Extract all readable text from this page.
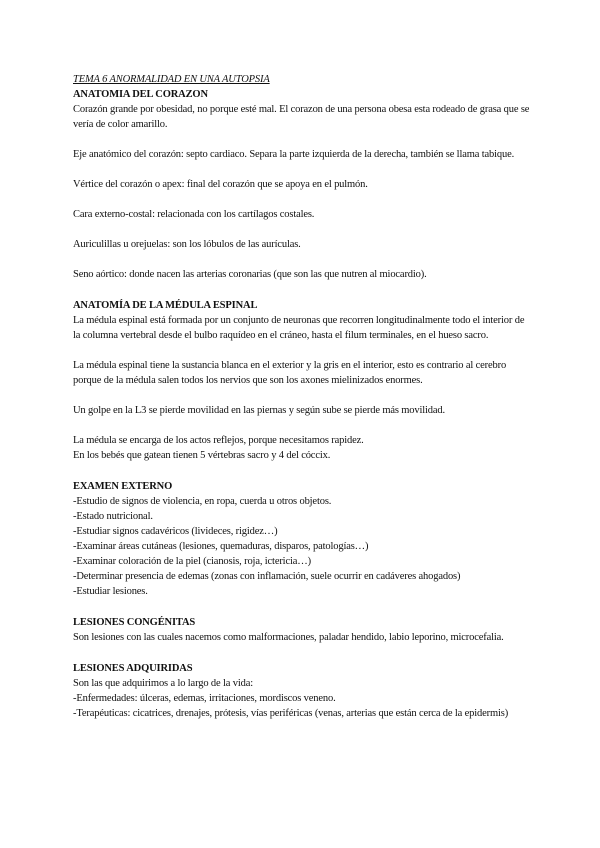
TEMA 6 ANORMALIDAD EN UNA AUTOPSIA

ANATOMIA DEL CORAZON

Corazón grande por obesidad, no porque esté mal. El corazon de una persona obesa esta rodeado de grasa que se vería de color amarillo.

Eje anatómico del corazón: septo cardiaco. Separa la parte izquierda de la derecha, también se llama tabique.

Vértice del corazón o apex: final del corazón que se apoya en el pulmón.

Cara externo-costal: relacionada con los cartílagos costales.

Auriculillas u orejuelas: son los lóbulos de las aurículas.

Seno aórtico: donde nacen las arterias coronarias (que son las que nutren al miocardio).

ANATOMÍA DE LA MÉDULA ESPINAL

La médula espinal está formada por un conjunto de neuronas que recorren longitudinalmente todo el interior de la columna vertebral desde el bulbo raquídeo en el cráneo, hasta el filum terminales, en el hueso sacro.

La médula espinal tiene la sustancia blanca en el exterior y la gris en el interior, esto es contrario al cerebro porque de la médula salen todos los nervios que son los axones mielinizados enormes.

Un golpe en la L3 se pierde movilidad en las piernas y según sube se pierde más movilidad.

La médula se encarga de los actos reflejos, porque necesitamos rapidez.

En los bebés que gatean tienen 5 vértebras sacro y 4 del cóccix.

EXAMEN EXTERNO
-Estudio de signos de violencia, en ropa, cuerda u otros objetos.
-Estado nutricional.
-Estudiar signos cadavéricos (livideces, rigidez…)
-Examinar áreas cutáneas (lesiones, quemaduras, disparos, patologías…)
-Examinar coloración de la piel (cianosis, roja, ictericia…)
-Determinar presencia de edemas (zonas con inflamación, suele ocurrir en cadáveres ahogados)
-Estudiar lesiones.
LESIONES CONGÉNITAS

Son lesiones con las cuales nacemos como malformaciones, paladar hendido, labio leporino, microcefalia.

LESIONES ADQUIRIDAS

Son las que adquirimos a lo largo de la vida:

-Enfermedades: úlceras, edemas, irritaciones, mordiscos veneno.
-Terapéuticas: cicatrices, drenajes, prótesis, vías periféricas (venas, arterias que están cerca de la epidermis)
